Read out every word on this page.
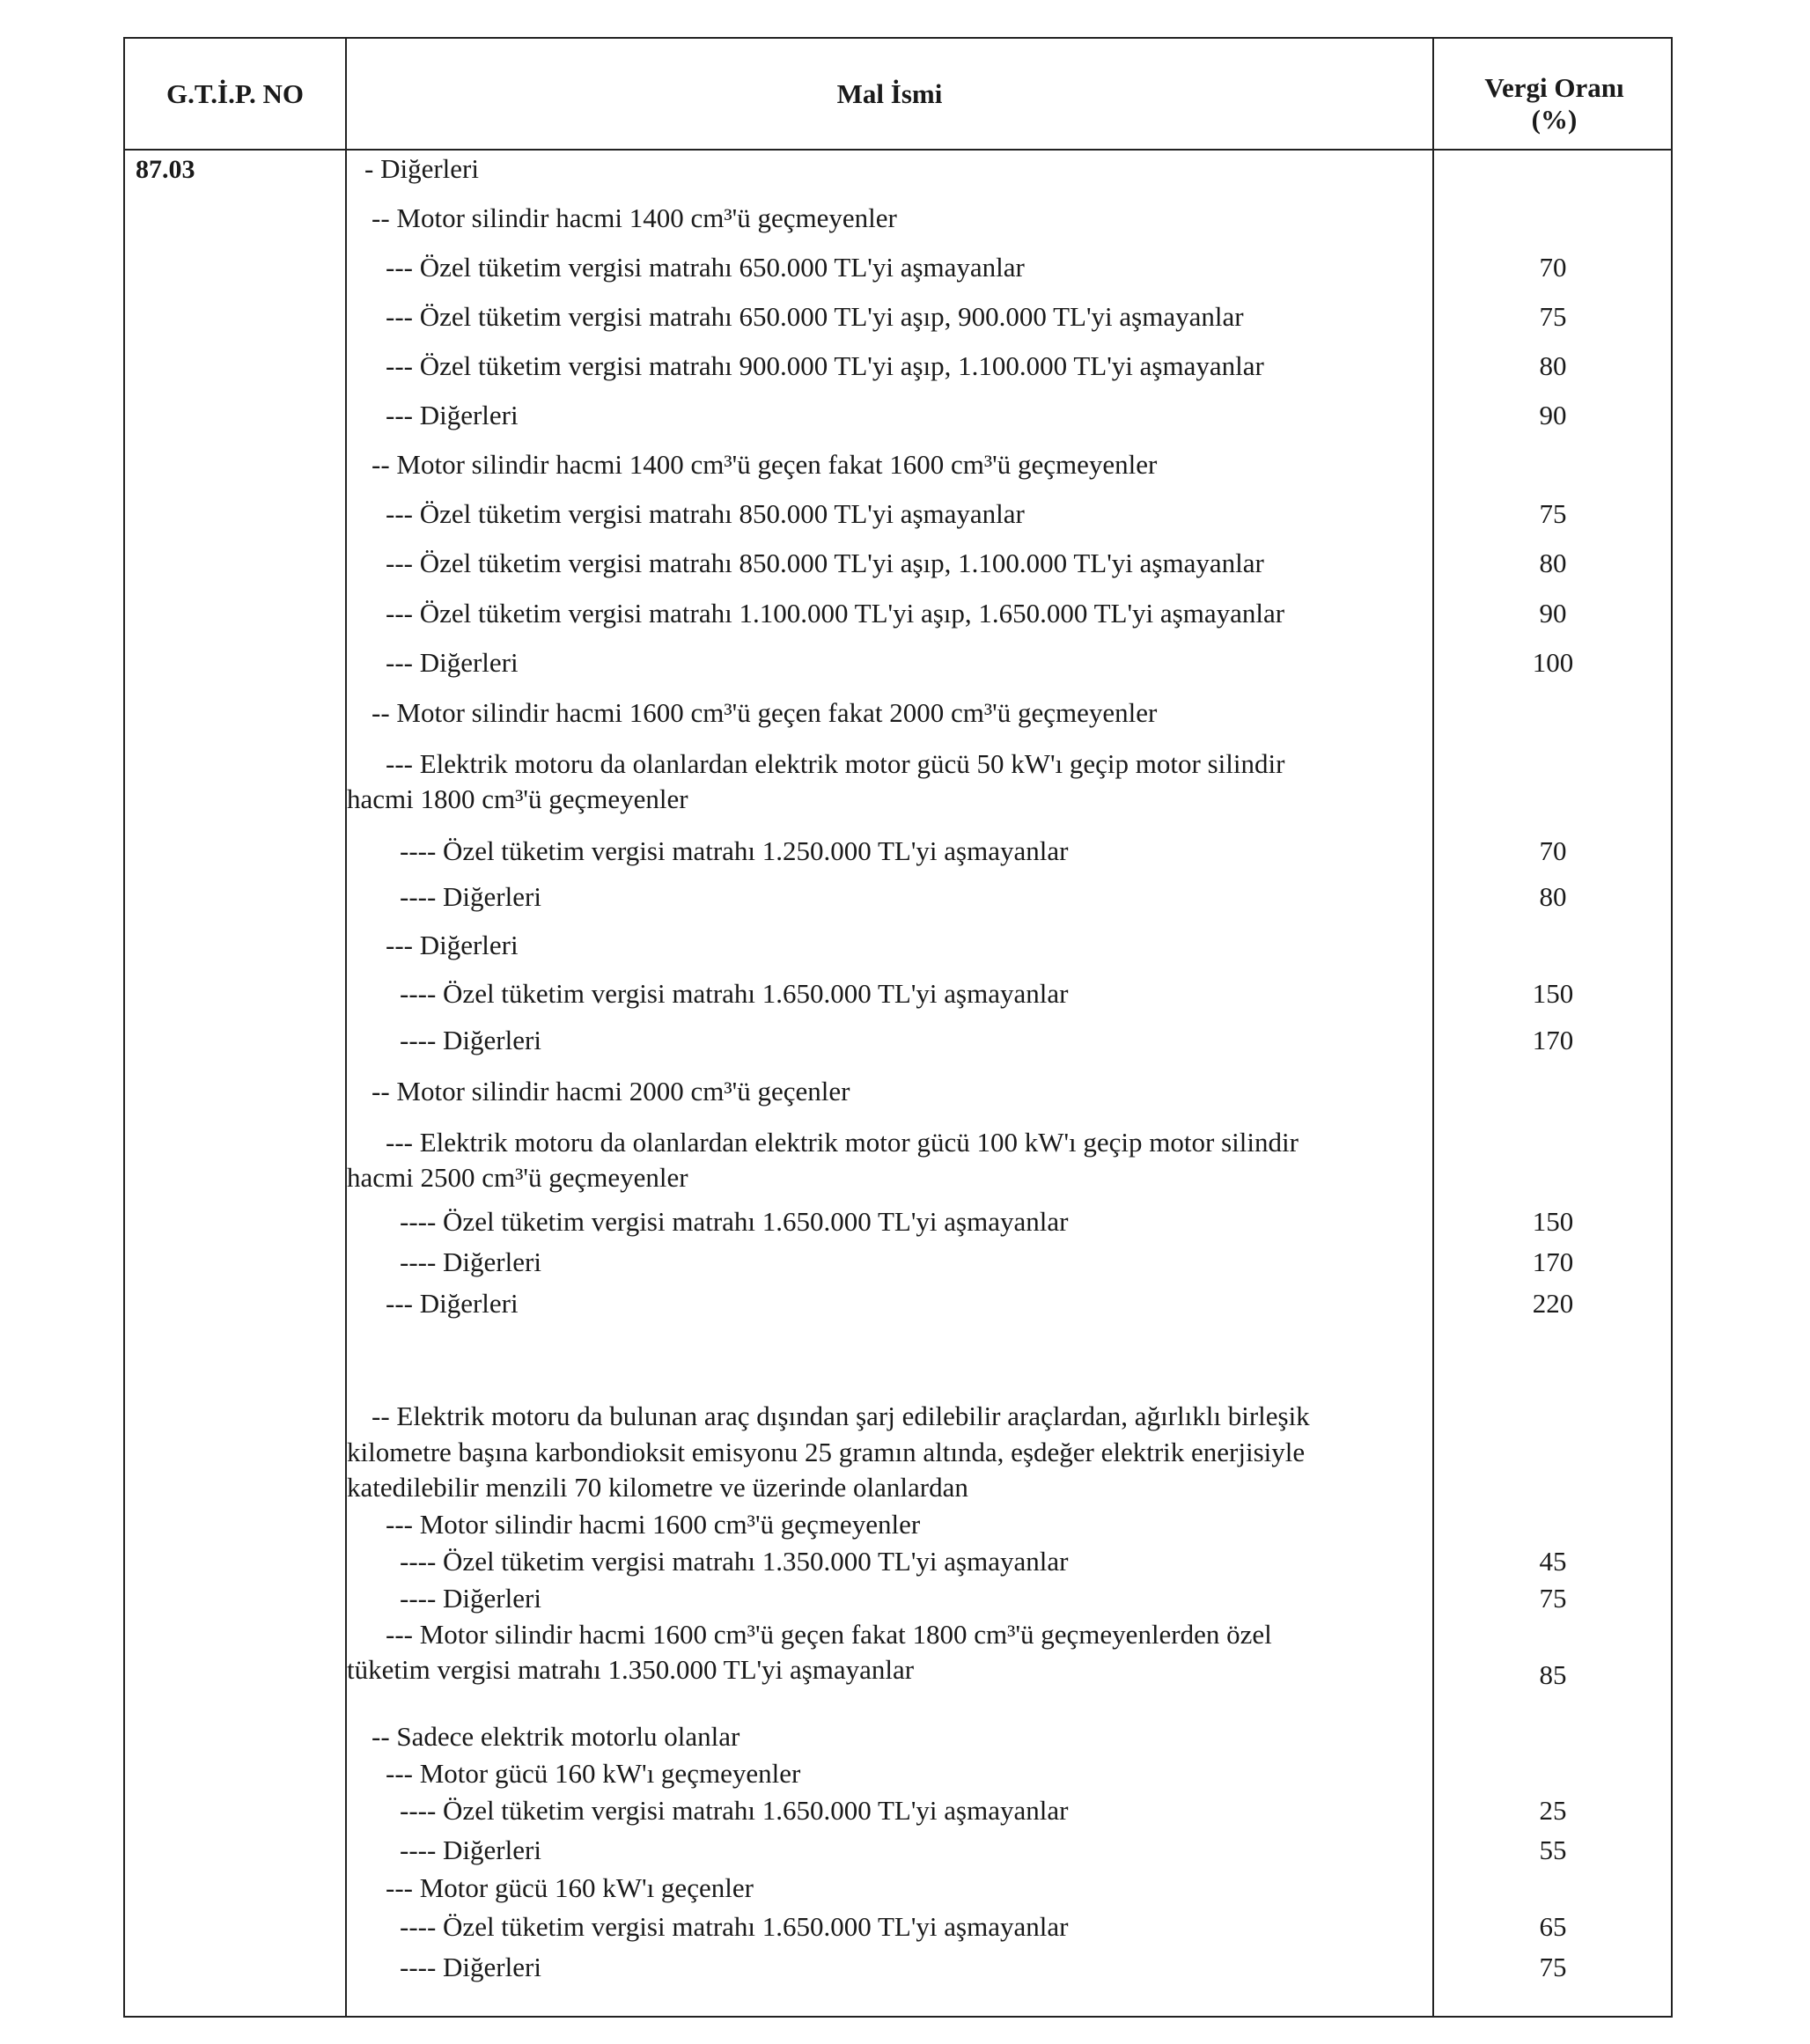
G.T.İ.P. NO	Mal İsmi	Vergi Oranı
(%)
87.03	- Diğerleri
-- Motor silindir hacmi 1400 cm³'ü geçmeyenler
--- Özel tüketim vergisi matrahı 650.000 TL'yi aşmayanlar	70
--- Özel tüketim vergisi matrahı 650.000 TL'yi aşıp, 900.000 TL'yi aşmayanlar	75
--- Özel tüketim vergisi matrahı 900.000 TL'yi aşıp, 1.100.000 TL'yi aşmayanlar	80
--- Diğerleri	90
-- Motor silindir hacmi 1400 cm³'ü geçen fakat 1600 cm³'ü geçmeyenler
--- Özel tüketim vergisi matrahı 850.000 TL'yi aşmayanlar	75
--- Özel tüketim vergisi matrahı 850.000 TL'yi aşıp, 1.100.000 TL'yi aşmayanlar	80
--- Özel tüketim vergisi matrahı 1.100.000 TL'yi aşıp, 1.650.000 TL'yi aşmayanlar	90
--- Diğerleri	100
-- Motor silindir hacmi 1600 cm³'ü geçen fakat 2000 cm³'ü geçmeyenler
--- Elektrik motoru da olanlardan elektrik motor gücü 50 kW'ı geçip motor silindir
hacmi 1800 cm³'ü geçmeyenler
---- Özel tüketim vergisi matrahı 1.250.000 TL'yi aşmayanlar	70
---- Diğerleri	80
--- Diğerleri
---- Özel tüketim vergisi matrahı 1.650.000 TL'yi aşmayanlar	150
---- Diğerleri	170
-- Motor silindir hacmi 2000 cm³'ü geçenler
--- Elektrik motoru da olanlardan elektrik motor gücü 100 kW'ı geçip motor silindir
hacmi 2500 cm³'ü geçmeyenler
---- Özel tüketim vergisi matrahı 1.650.000 TL'yi aşmayanlar	150
---- Diğerleri	170
--- Diğerleri	220
-- Elektrik motoru da bulunan araç dışından şarj edilebilir araçlardan, ağırlıklı birleşik
kilometre başına karbondioksit emisyonu 25 gramın altında, eşdeğer elektrik enerjisiyle
katedilebilir menzili 70 kilometre ve üzerinde olanlardan
--- Motor silindir hacmi 1600 cm³'ü geçmeyenler
---- Özel tüketim vergisi matrahı 1.350.000 TL'yi aşmayanlar	45
---- Diğerleri	75
--- Motor silindir hacmi 1600 cm³'ü geçen fakat 1800 cm³'ü geçmeyenlerden özel
tüketim vergisi matrahı 1.350.000 TL'yi aşmayanlar	85
-- Sadece elektrik motorlu olanlar
--- Motor gücü 160 kW'ı geçmeyenler
---- Özel tüketim vergisi matrahı 1.650.000 TL'yi aşmayanlar	25
---- Diğerleri	55
--- Motor gücü 160 kW'ı geçenler
---- Özel tüketim vergisi matrahı 1.650.000 TL'yi aşmayanlar	65
---- Diğerleri	75
